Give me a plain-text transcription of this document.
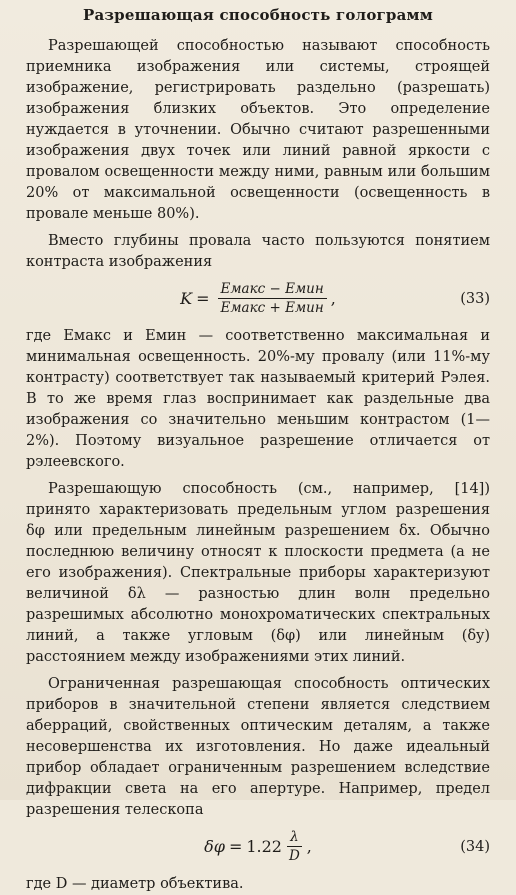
Разрешающая способность голограмм

Разрешающей способностью называют способность приемника изображения или системы, строящей изображение, регистрировать раздельно (разрешать) изображения близких объектов. Это определение нуждается в уточнении. Обычно считают разрешенными изображения двух точек или линий равной яркости с провалом освещенности между ними, равным или большим 20% от максимальной освещенности (освещенность в провале меньше 80%).

Вместо глубины провала часто пользуются понятием контраста изображения

$K = \frac{\text{Eмакс − Eмин}}{\text{Eмакс + Eмин}}$ ,	(33)

где Eмакс и Eмин — соответственно максимальная и минимальная освещенность. 20%-му провалу (или 11%-му контрасту) соответствует так называемый критерий Рэлея. В то же время глаз воспринимает как раздельные два изображения со значительно меньшим контрастом (1—2%). Поэтому визуальное разрешение отличается от рэлеевского.

Разрешающую способность (см., например, [14]) принято характеризовать предельным углом разрешения δφ или предельным линейным разрешением δx. Обычно последнюю величину относят к плоскости предмета (а не его изображения). Спектральные приборы характеризуют величиной δλ — разностью длин волн предельно разрешимых абсолютно монохроматических спектральных линий, а также угловым (δφ) или линейным (δy) расстоянием между изображениями этих линий.

Ограниченная разрешающая способность оптических приборов в значительной степени является следствием аберраций, свойственных оптическим деталям, а также несовершенства их изготовления. Но даже идеальный прибор обладает ограниченным разрешением вследствие дифракции света на его апертуре. Например, предел разрешения телескопа

$\delta\varphi = 1.22 \frac{\lambda}{D}$ ,	(34)

где D — диаметр объектива.
